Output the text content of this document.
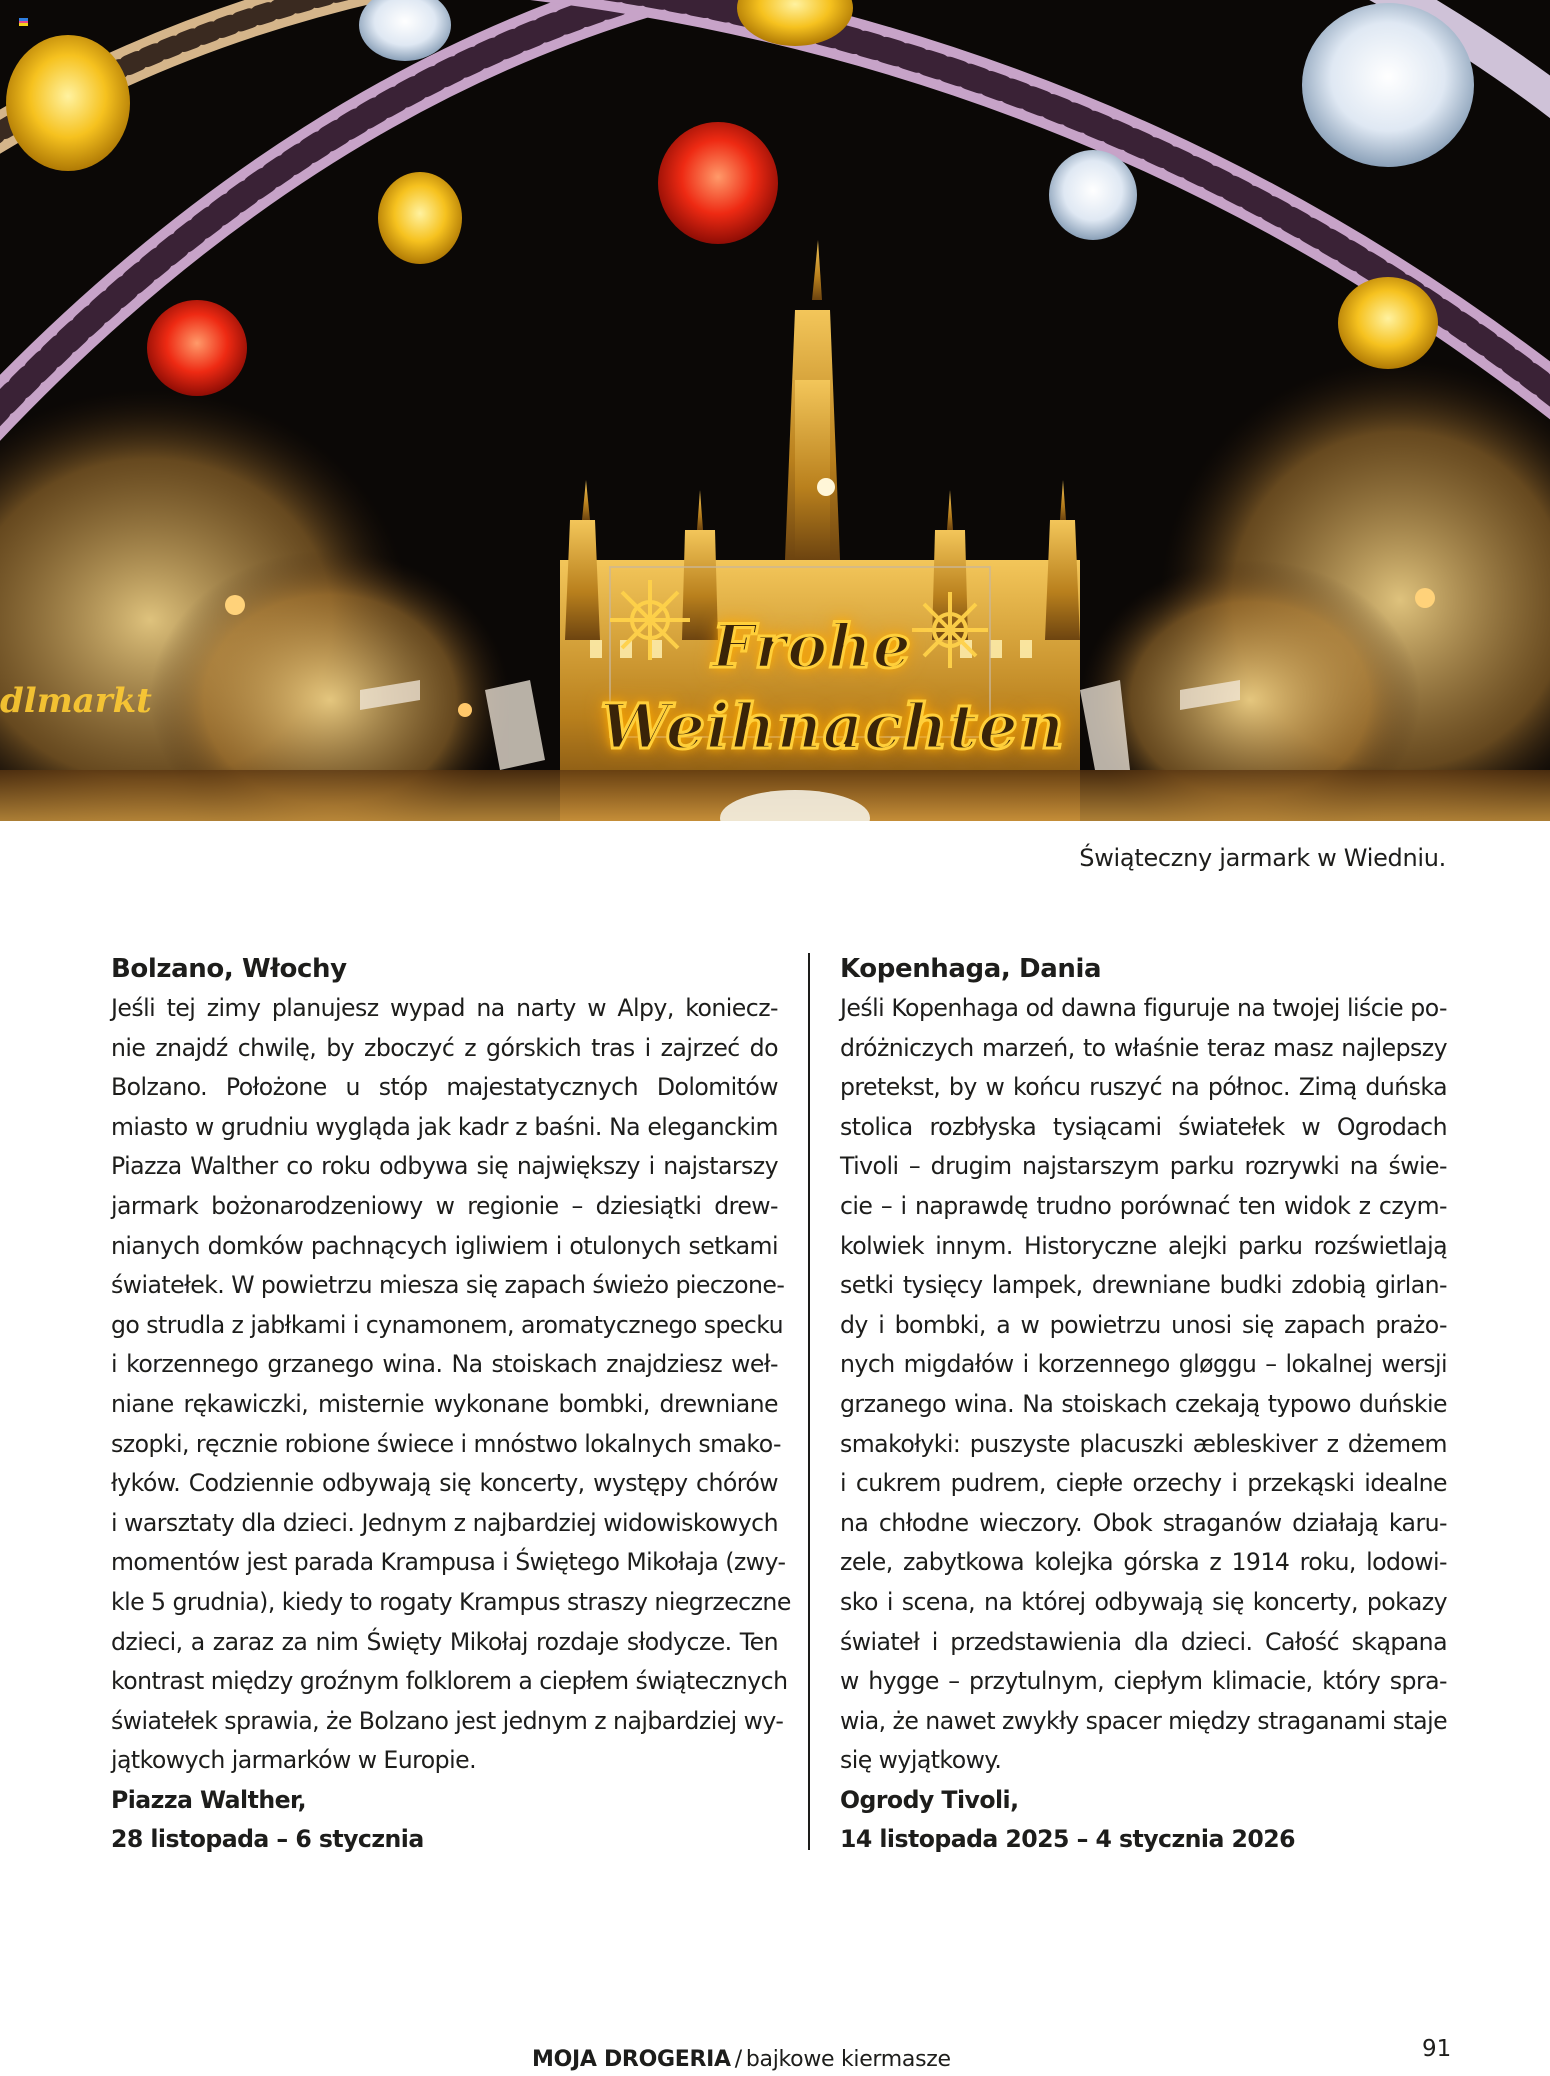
dlmarkt
Frohe
Weihnachten
Świąteczny jarmark w Wiedniu.
Bolzano, Włochy
Jeśli tej zimy planujesz wypad na narty w Alpy, koniecz-
nie znajdź chwilę, by zboczyć z górskich tras i zajrzeć do
Bolzano. Położone u stóp majestatycznych Dolomitów
miasto w grudniu wygląda jak kadr z baśni. Na eleganckim
Piazza Walther co roku odbywa się największy i najstarszy
jarmark bożonarodzeniowy w regionie – dziesiątki drew-
nianych domków pachnących igliwiem i otulonych setkami
światełek. W powietrzu miesza się zapach świeżo pieczone-
go strudla z jabłkami i cynamonem, aromatycznego specku
i korzennego grzanego wina. Na stoiskach znajdziesz weł-
niane rękawiczki, misternie wykonane bombki, drewniane
szopki, ręcznie robione świece i mnóstwo lokalnych smako-
łyków. Codziennie odbywają się koncerty, występy chórów
i warsztaty dla dzieci. Jednym z najbardziej widowiskowych
momentów jest parada Krampusa i Świętego Mikołaja (zwy-
kle 5 grudnia), kiedy to rogaty Krampus straszy niegrzeczne
dzieci, a zaraz za nim Święty Mikołaj rozdaje słodycze. Ten
kontrast między groźnym folklorem a ciepłem świątecznych
światełek sprawia, że Bolzano jest jednym z najbardziej wy-
jątkowych jarmarków w Europie.
Piazza Walther,
28 listopada – 6 stycznia
Kopenhaga, Dania
Jeśli Kopenhaga od dawna figuruje na twojej liście po-
dróżniczych marzeń, to właśnie teraz masz najlepszy
pretekst, by w końcu ruszyć na północ. Zimą duńska
stolica rozbłyska tysiącami światełek w Ogrodach
Tivoli – drugim najstarszym parku rozrywki na świe-
cie – i naprawdę trudno porównać ten widok z czym-
kolwiek innym. Historyczne alejki parku rozświetlają
setki tysięcy lampek, drewniane budki zdobią girlan-
dy i bombki, a w powietrzu unosi się zapach prażo-
nych migdałów i korzennego gløggu – lokalnej wersji
grzanego wina. Na stoiskach czekają typowo duńskie
smakołyki: puszyste placuszki æbleskiver z dżemem
i cukrem pudrem, ciepłe orzechy i przekąski idealne
na chłodne wieczory. Obok straganów działają karu-
zele, zabytkowa kolejka górska z 1914 roku, lodowi-
sko i scena, na której odbywają się koncerty, pokazy
świateł i przedstawienia dla dzieci. Całość skąpana
w hygge – przytulnym, ciepłym klimacie, który spra-
wia, że nawet zwykły spacer między straganami staje
się wyjątkowy.
Ogrody Tivoli,
14 listopada 2025 – 4 stycznia 2026
MOJA DROGERIA / bajkowe kiermasze	91
